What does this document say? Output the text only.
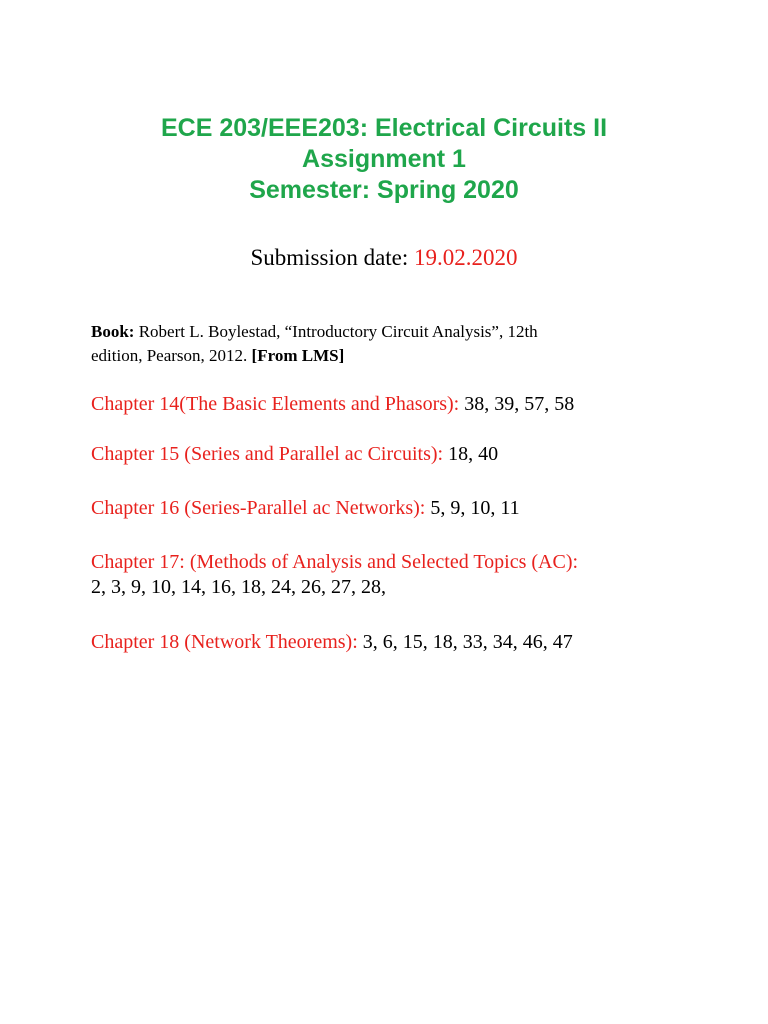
ECE 203/EEE203: Electrical Circuits II
Assignment 1
Semester: Spring 2020
Submission date: 19.02.2020
Book: Robert L. Boylestad, “Introductory Circuit Analysis”, 12th
edition, Pearson, 2012. [From LMS]
Chapter 14(The Basic Elements and Phasors): 38, 39, 57, 58
Chapter 15 (Series and Parallel ac Circuits): 18, 40
Chapter 16 (Series-Parallel ac Networks): 5, 9, 10, 11
Chapter 17: (Methods of Analysis and Selected Topics (AC):
2, 3, 9, 10, 14, 16, 18, 24, 26, 27, 28,
Chapter 18 (Network Theorems): 3, 6, 15, 18, 33, 34, 46, 47
